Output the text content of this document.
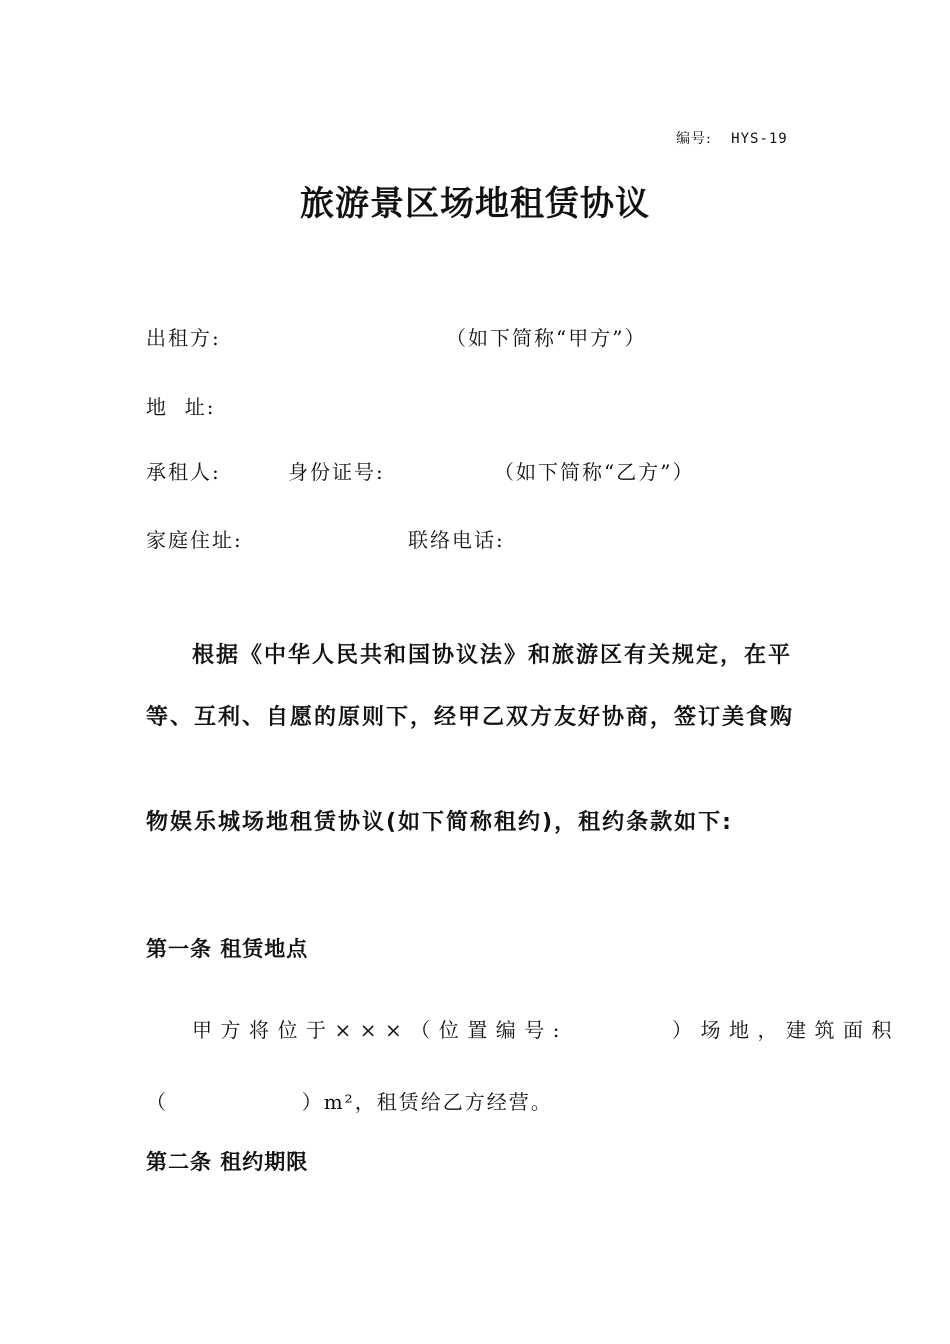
编号: HYS-19
旅游景区场地租赁协议
出租方:	（如下简称“甲方”）
地  址:
承租人:	身份证号:	（如下简称“乙方”）
家庭住址:	联络电话:
根据《中华人民共和国协议法》和旅游区有关规定，在平
等、互利、自愿的原则下，经甲乙双方友好协商，签订美食购
物娱乐城场地租赁协议(如下简称租约)，租约条款如下:
第一条 租赁地点
甲方将位于×××（位置编号:       ）场地，建筑面积
（                ）m²，租赁给乙方经营。
第二条 租约期限
